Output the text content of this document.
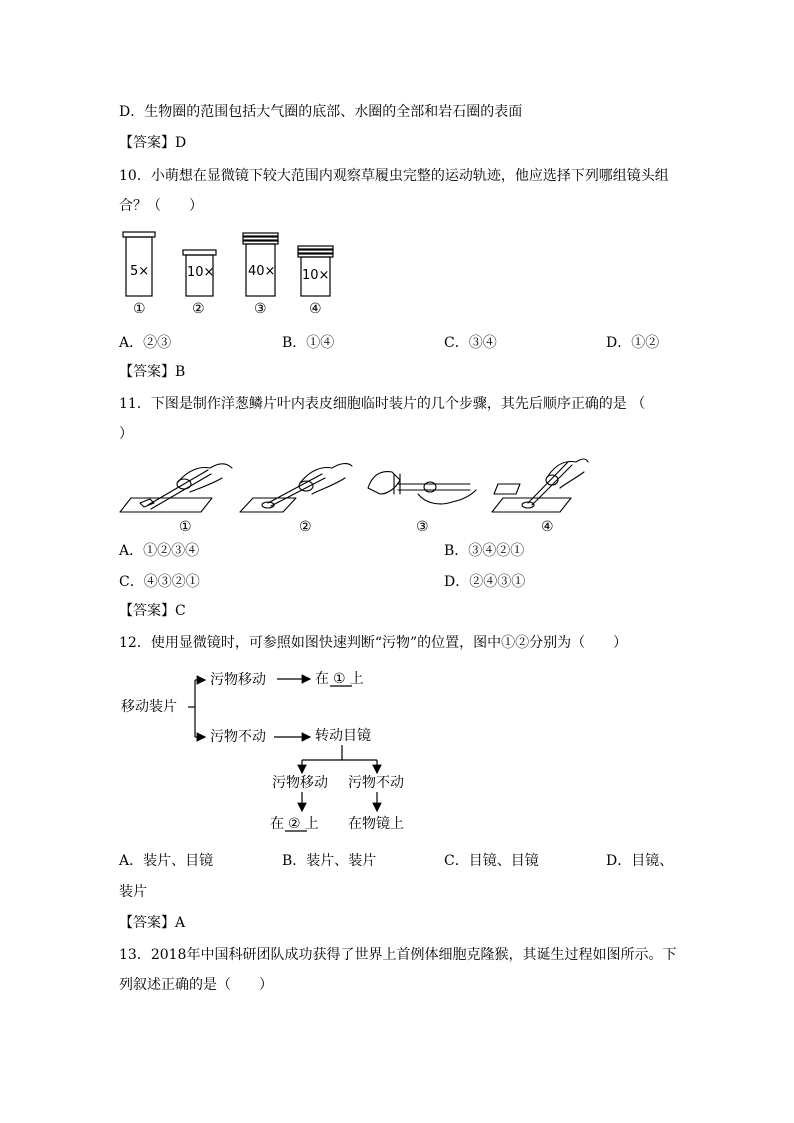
D．生物圈的范围包括大气圈的底部、水圈的全部和岩石圈的表面
【答案】D
10．小萌想在显微镜下较大范围内观察草履虫完整的运动轨迹，他应选择下列哪组镜头组
合？（　　）
5×	10×	40× 10×
①	②	③	④
A．②③	B．①④	C．③④	D．①②
【答案】B
11．下图是制作洋葱鳞片叶内表皮细胞临时装片的几个步骤，其先后顺序正确的是 （
）
①	②	③	④
A．①②③④	B．③④②①
C．④③②①	D．②④③①
【答案】C
12．使用显微镜时，可参照如图快速判断“污物”的位置，图中①②分别为（　　）
移动装片
污物移动
污物不动
在 ① 上
转动目镜
污物移动 污物不动
在 ② 上 在物镜上
A．装片、目镜	B．装片、装片	C．目镜、目镜	D．目镜、
装片
【答案】A
13．2018年中国科研团队成功获得了世界上首例体细胞克隆猴，其诞生过程如图所示。下
列叙述正确的是（　　）
